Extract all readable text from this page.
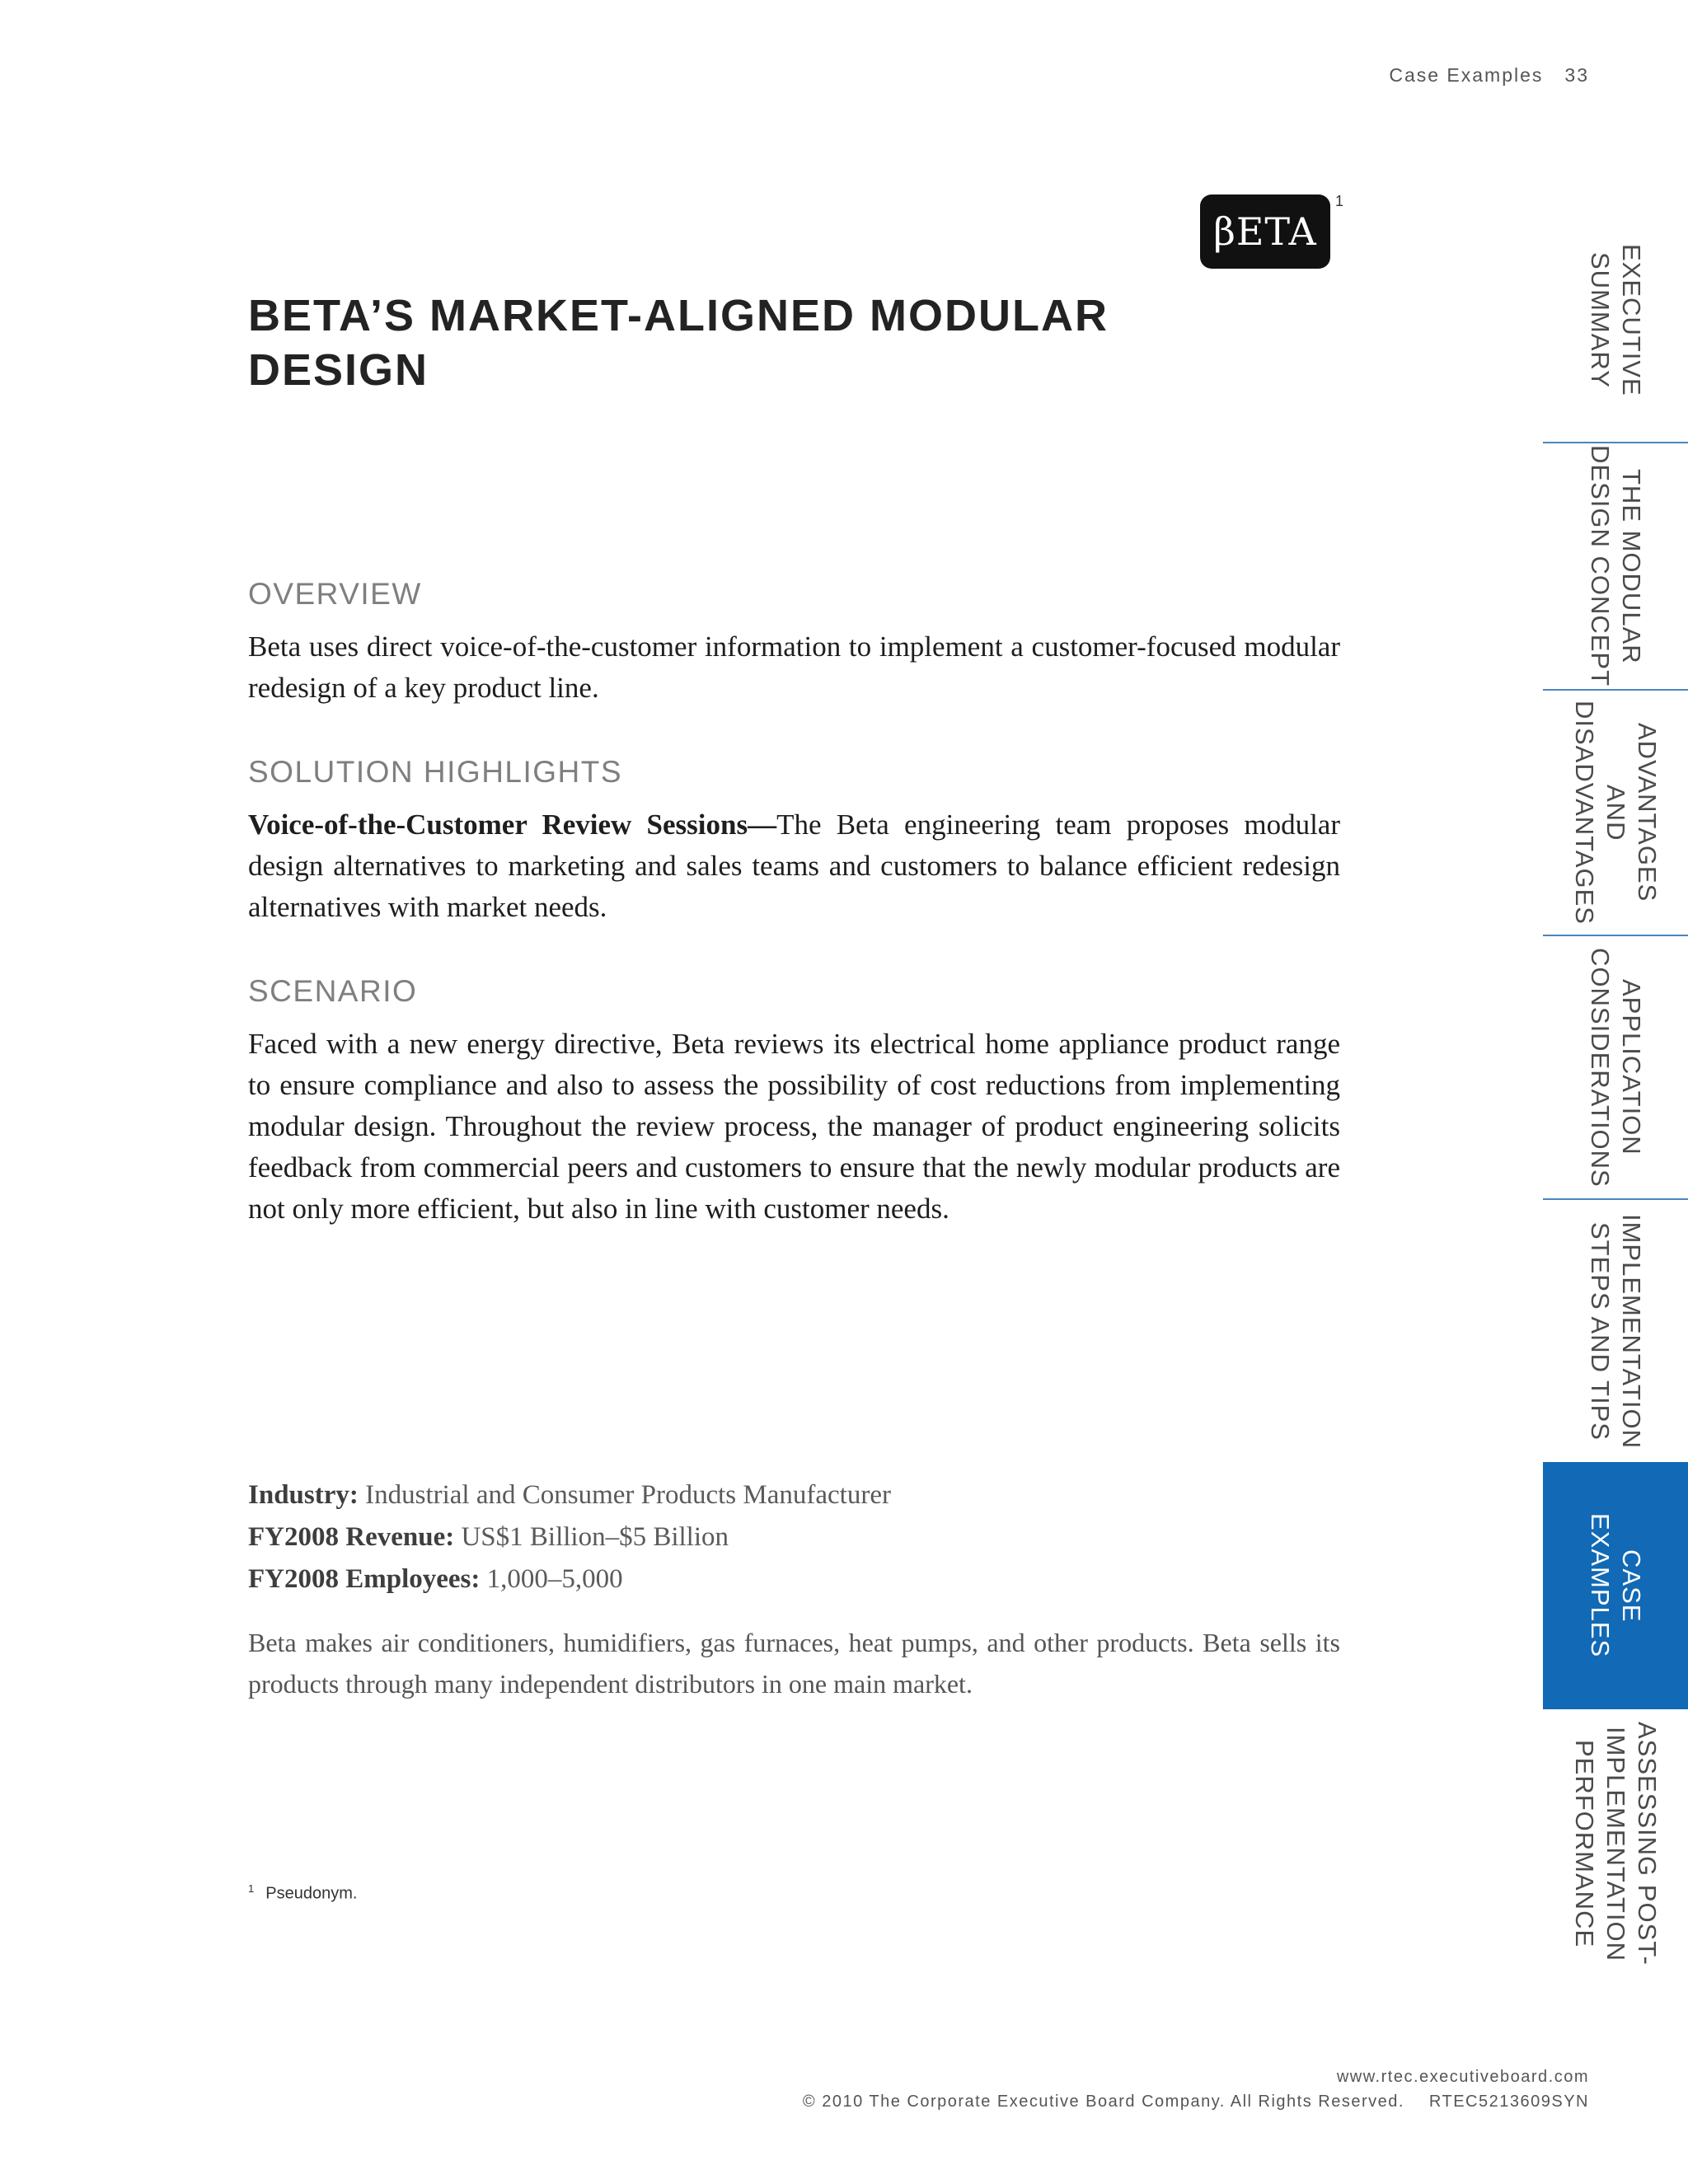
Case Examples 33
βETA
1
BETA’S MARKET-ALIGNED MODULAR DESIGN
OVERVIEW

Beta uses direct voice-of-the-customer information to implement a customer-focused modular redesign of a key product line.

SOLUTION HIGHLIGHTS

Voice-of-the-Customer Review Sessions—The Beta engineering team proposes modular design alternatives to marketing and sales teams and customers to balance efficient redesign alternatives with market needs.

SCENARIO

Faced with a new energy directive, Beta reviews its electrical home appliance product range to ensure compliance and also to assess the possibility of cost reductions from implementing modular design. Throughout the review process, the manager of product engineering solicits feedback from commercial peers and customers to ensure that the newly modular products are not only more efficient, but also in line with customer needs.

Industry: Industrial and Consumer Products Manufacturer
FY2008 Revenue: US$1 Billion–$5 Billion
FY2008 Employees: 1,000–5,000
Beta makes air conditioners, humidifiers, gas furnaces, heat pumps, and other products. Beta sells its products through many independent distributors in one main market.
$^1$ Pseudonym.
www.rtec.executiveboard.com
© 2010 The Corporate Executive Board Company. All Rights Reserved. RTEC5213609SYN
EXECUTIVE
SUMMARY
THE MODULAR
DESIGN CONCEPT
ADVANTAGES
AND
DISADVANTAGES
APPLICATION
CONSIDERATIONS
IMPLEMENTATION
STEPS AND TIPS
CASE
EXAMPLES
ASSESSING POST-
IMPLEMENTATION
PERFORMANCE
